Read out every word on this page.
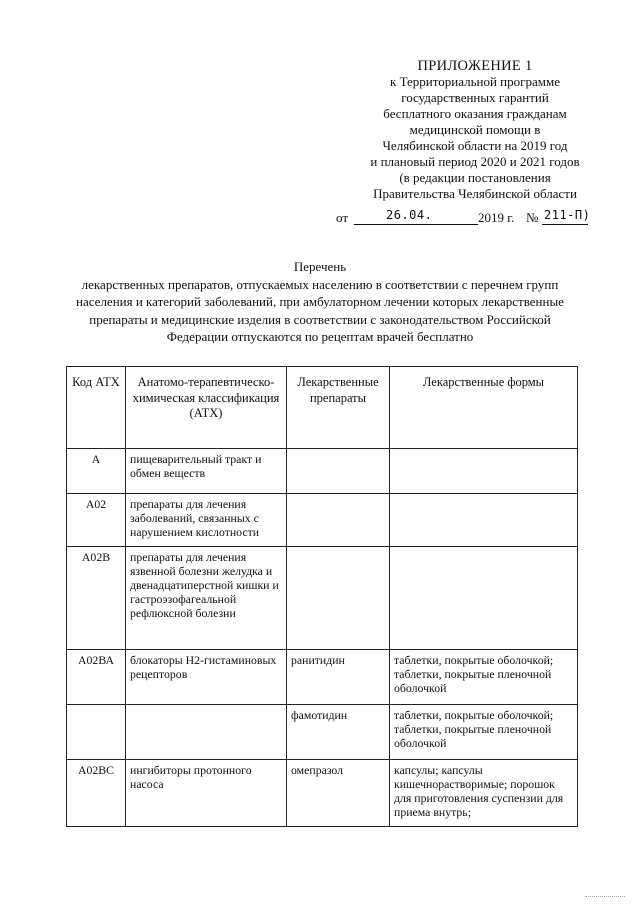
ПРИЛОЖЕНИЕ 1
к Территориальной программе
государственных гарантий
бесплатного оказания гражданам
медицинской помощи в
Челябинской области на 2019 год
и плановый период 2020 и 2021 годов
(в редакции постановления
Правительства Челябинской области
от	26.04.	2019 г. № 211-П)
Перечень
лекарственных препаратов, отпускаемых населению в соответствии с перечнем групп населения и категорий заболеваний, при амбулаторном лечении которых лекарственные препараты и медицинские изделия в соответствии с законодательством Российской Федерации отпускаются по рецептам врачей бесплатно
Код АТХ	Анатомо-терапевтическо-химическая классификация (АТХ)	Лекарственные препараты	Лекарственные формы
А	пищеварительный тракт и обмен веществ		
А02	препараты для лечения заболеваний, связанных с нарушением кислотности		
А02В	препараты для лечения язвенной болезни желудка и двенадцатиперстной кишки и гастроэзофагеальной рефлюксной болезни		
А02ВА	блокаторы Н2-гистаминовых рецепторов	ранитидин	таблетки, покрытые оболочкой; таблетки, покрытые пленочной оболочкой
		фамотидин	таблетки, покрытые оболочкой; таблетки, покрытые пленочной оболочкой
А02ВС	ингибиторы протонного насоса	омепразол	капсулы; капсулы кишечнорастворимые; порошок для приготовления суспензии для приема внутрь;
